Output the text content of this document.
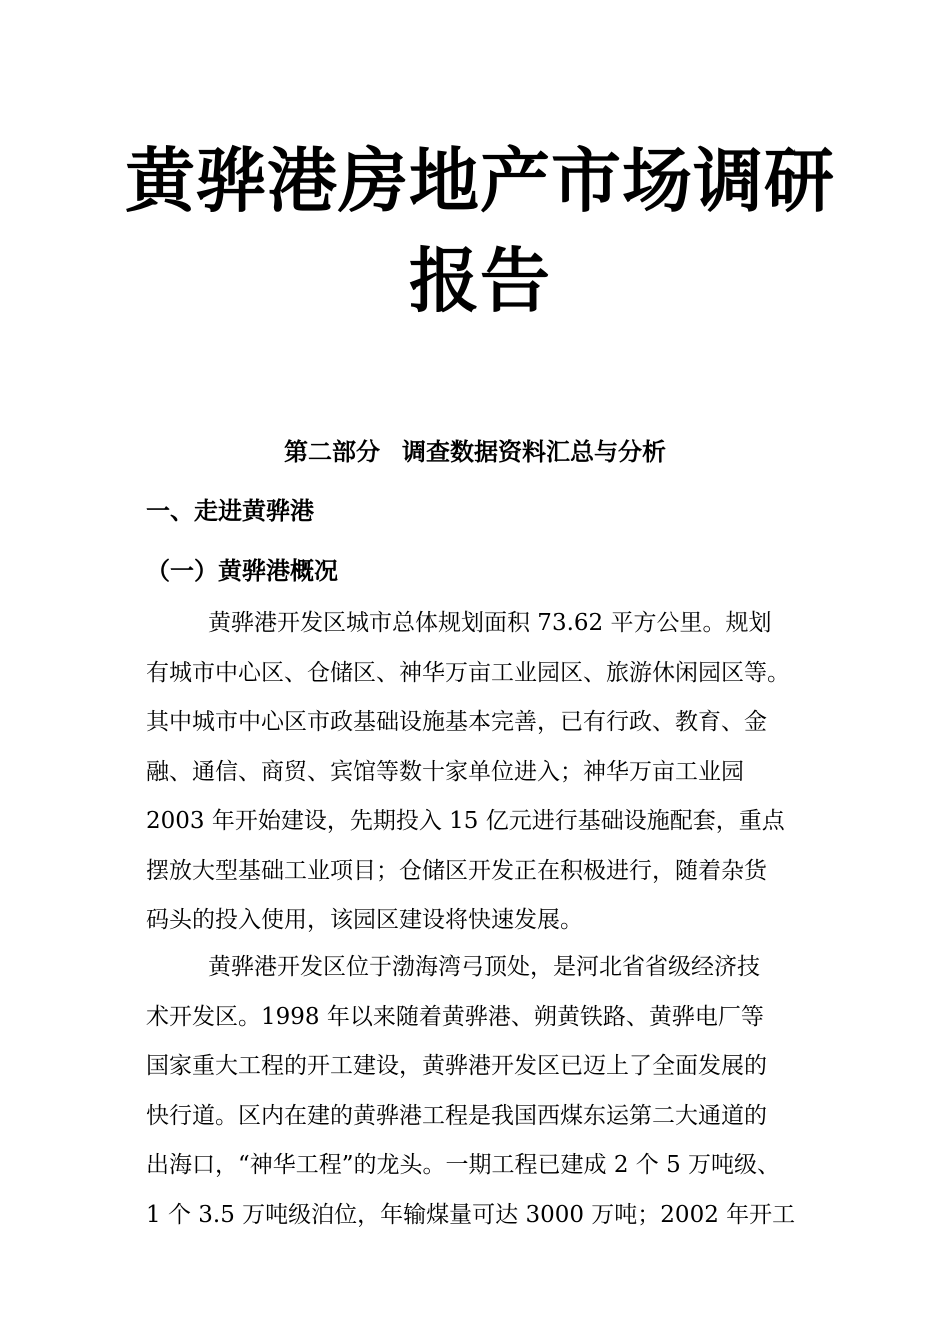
黄骅港房地产市场调研
报告
第二部分 调查数据资料汇总与分析
一、走进黄骅港
（一）黄骅港概况
黄骅港开发区城市总体规划面积 73.62 平方公里。规划
有城市中心区、仓储区、神华万亩工业园区、旅游休闲园区等。
其中城市中心区市政基础设施基本完善，已有行政、教育、金
融、通信、商贸、宾馆等数十家单位进入；神华万亩工业园
2003 年开始建设，先期投入 15 亿元进行基础设施配套，重点
摆放大型基础工业项目；仓储区开发正在积极进行，随着杂货
码头的投入使用，该园区建设将快速发展。
黄骅港开发区位于渤海湾弓顶处，是河北省省级经济技
术开发区。1998 年以来随着黄骅港、朔黄铁路、黄骅电厂等
国家重大工程的开工建设，黄骅港开发区已迈上了全面发展的
快行道。区内在建的黄骅港工程是我国西煤东运第二大通道的
出海口，“神华工程”的龙头。一期工程已建成 2 个 5 万吨级、
1 个 3.5 万吨级泊位，年输煤量可达 3000 万吨；2002 年开工
